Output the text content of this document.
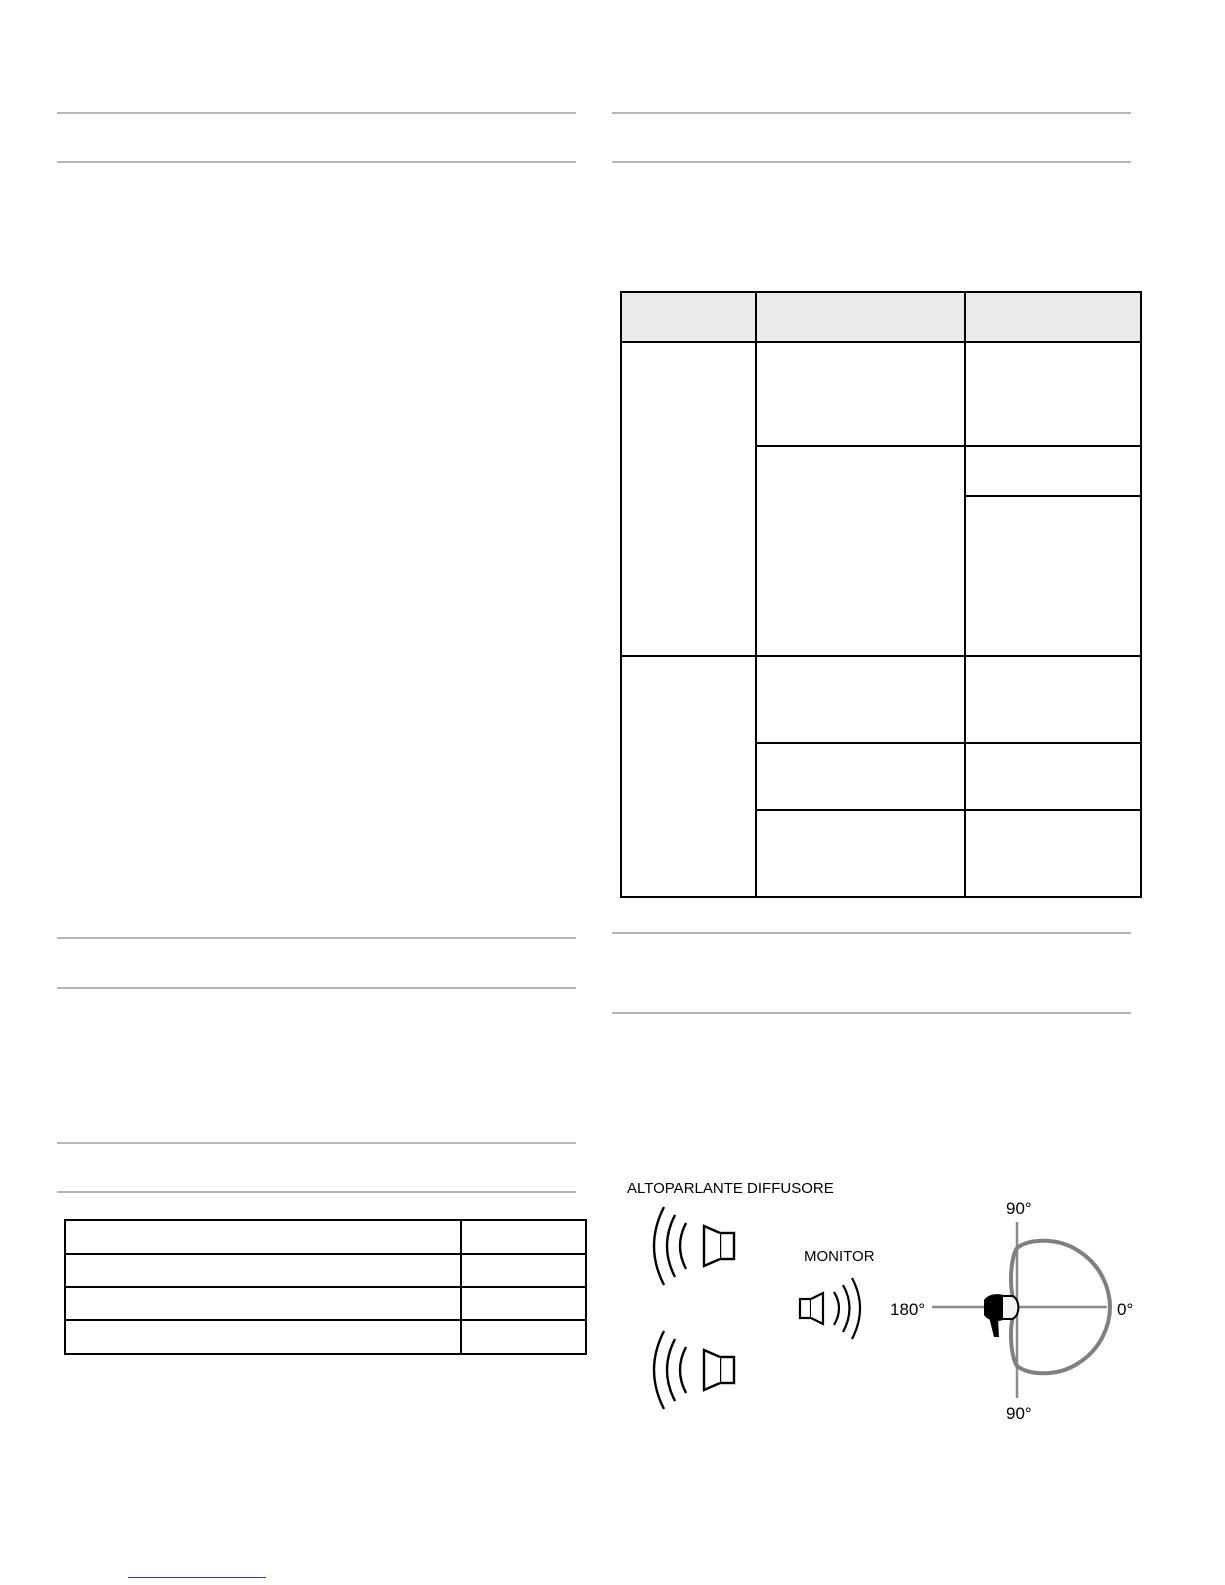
ALTOPARLANTE DIFFUSORE
MONITOR
90°
90°
180°	0°
